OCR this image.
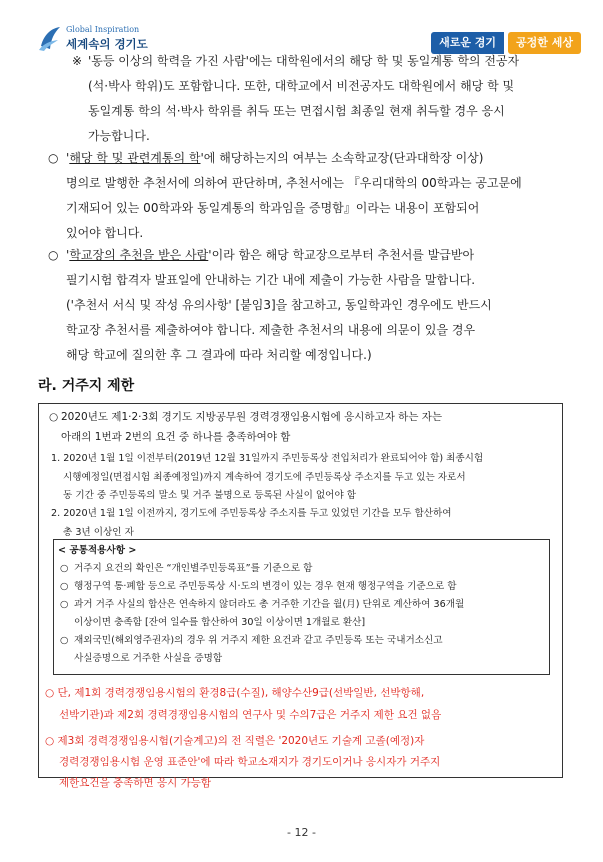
Global Inspiration
세계속의 경기도	새로운 경기	공정한 세상
※ '동등 이상의 학력을 가진 사람'에는 대학원에서의 해당 학 및 동일계통 학의 전공자
(석·박사 학위)도 포함합니다. 또한, 대학교에서 비전공자도 대학원에서 해당 학 및
동일계통 학의 석·박사 학위를 취득 또는 면접시험 최종일 현재 취득할 경우 응시
가능합니다.
○ '해당 학 및 관련계통의 학'에 해당하는지의 여부는 소속학교장(단과대학장 이상)
명의로 발행한 추천서에 의하여 판단하며, 추천서에는 『우리대학의 00학과는 공고문에
기재되어 있는 00학과와 동일계통의 학과임을 증명함』이라는 내용이 포함되어
있어야 합니다.
○ '학교장의 추천을 받은 사람'이라 함은 해당 학교장으로부터 추천서를 발급받아
필기시험 합격자 발표일에 안내하는 기간 내에 제출이 가능한 사람을 말합니다.
('추천서 서식 및 작성 유의사항' [붙임3]을 참고하고, 동일학과인 경우에도 반드시
학교장 추천서를 제출하여야 합니다. 제출한 추천서의 내용에 의문이 있을 경우
해당 학교에 질의한 후 그 결과에 따라 처리할 예정입니다.)
라. 거주지 제한
○ 2020년도 제1·2·3회 경기도 지방공무원 경력경쟁임용시험에 응시하고자 하는 자는
아래의 1번과 2번의 요건 중 하나를 충족하여야 함
1. 2020년 1월 1일 이전부터(2019년 12월 31일까지 주민등록상 전입처리가 완료되어야 함) 최종시험
시행예정일(면접시험 최종예정일)까지 계속하여 경기도에 주민등록상 주소지를 두고 있는 자로서
동 기간 중 주민등록의 말소 및 거주 불명으로 등록된 사실이 없어야 함
2. 2020년 1월 1일 이전까지, 경기도에 주민등록상 주소지를 두고 있었던 기간을 모두 합산하여
총 3년 이상인 자
< 공통적용사항 >
○ 거주지 요건의 확인은 “개인별주민등록표”를 기준으로 함
○ 행정구역 통·폐합 등으로 주민등록상 시·도의 변경이 있는 경우 현재 행정구역을 기준으로 함
○ 과거 거주 사실의 합산은 연속하지 않더라도 총 거주한 기간을 월(月) 단위로 계산하여 36개월
이상이면 충족함 [잔여 일수를 합산하여 30일 이상이면 1개월로 환산]
○ 재외국민(해외영주권자)의 경우 위 거주지 제한 요건과 같고 주민등록 또는 국내거소신고
사실증명으로 거주한 사실을 증명함
○ 단, 제1회 경력경쟁임용시험의 환경8급(수질), 해양수산9급(선박일반, 선박항해,
선박기관)과 제2회 경력경쟁임용시험의 연구사 및 수의7급은 거주지 제한 요건 없음
○ 제3회 경력경쟁임용시험(기술계고)의 전 직렬은 '2020년도 기술계 고졸(예정)자
경력경쟁임용시험 운영 표준안'에 따라 학교소재지가 경기도이거나 응시자가 거주지
제한요건을 충족하면 응시 가능함
- 12 -
